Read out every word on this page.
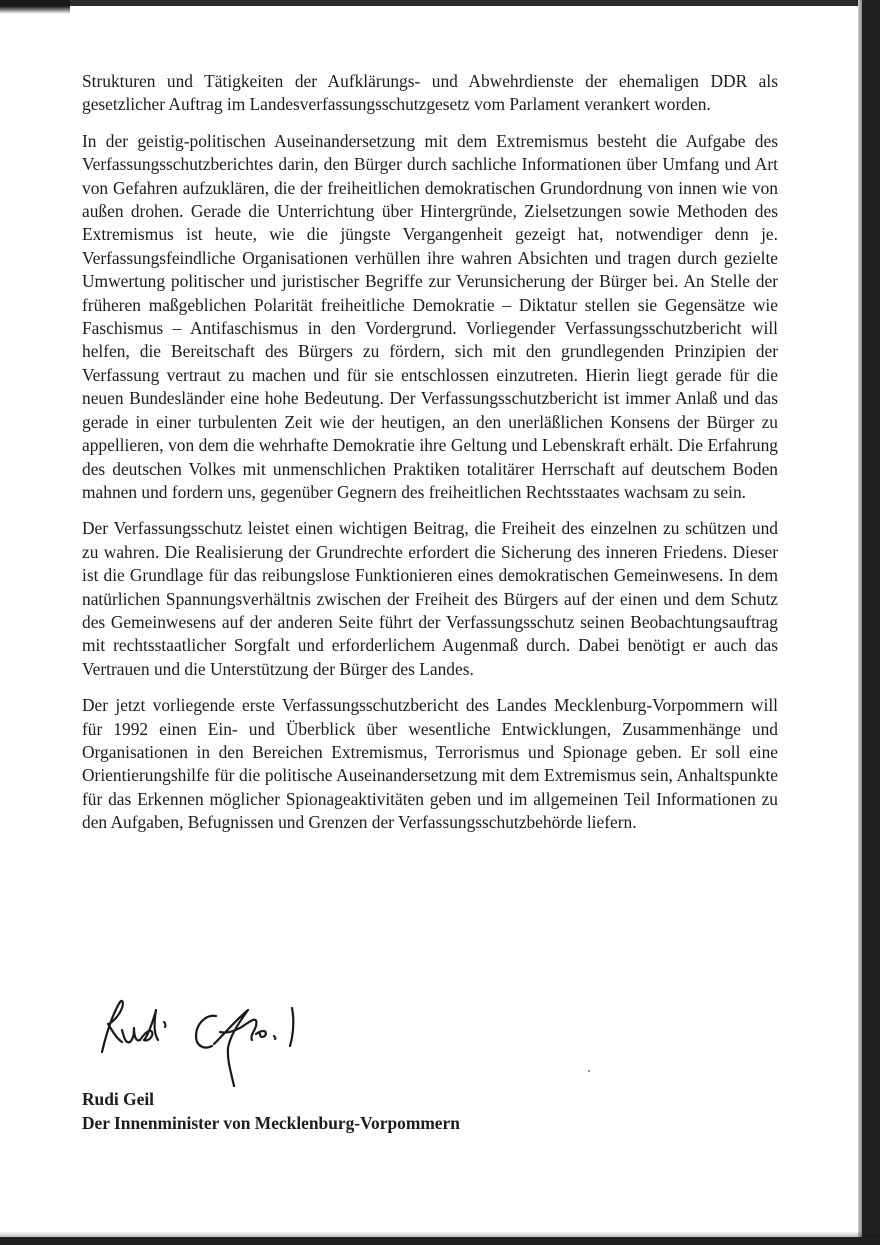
Strukturen und Tätigkeiten der Aufklärungs- und Abwehrdienste der ehemaligen DDR als gesetzlicher Auftrag im Landesverfassungsschutzgesetz vom Parlament verankert worden.

In der geistig-politischen Auseinandersetzung mit dem Extremismus besteht die Aufgabe des Verfassungsschutzberichtes darin, den Bürger durch sachliche Informationen über Umfang und Art von Gefahren aufzuklären, die der freiheitlichen demokratischen Grundordnung von innen wie von außen drohen. Gerade die Unterrichtung über Hintergründe, Zielsetzungen sowie Methoden des Extremismus ist heute, wie die jüngste Vergangenheit gezeigt hat, notwendiger denn je. Verfassungsfeindliche Organisationen verhüllen ihre wahren Absichten und tragen durch gezielte Umwertung politischer und juristischer Begriffe zur Verunsicherung der Bürger bei. An Stelle der früheren maßgeblichen Polarität freiheitliche Demokratie – Diktatur stellen sie Gegensätze wie Faschismus – Antifaschismus in den Vordergrund. Vorliegender Verfassungsschutzbericht will helfen, die Bereitschaft des Bürgers zu fördern, sich mit den grundlegenden Prinzipien der Verfassung vertraut zu machen und für sie entschlossen einzutreten. Hierin liegt gerade für die neuen Bundesländer eine hohe Bedeutung. Der Verfassungsschutzbericht ist immer Anlaß und das gerade in einer turbulenten Zeit wie der heutigen, an den unerläßlichen Konsens der Bürger zu appellieren, von dem die wehrhafte Demokratie ihre Geltung und Lebenskraft erhält. Die Erfahrung des deutschen Volkes mit unmenschlichen Praktiken totalitärer Herrschaft auf deutschem Boden mahnen und fordern uns, gegenüber Gegnern des freiheitlichen Rechtsstaates wachsam zu sein.

Der Verfassungsschutz leistet einen wichtigen Beitrag, die Freiheit des einzelnen zu schützen und zu wahren. Die Realisierung der Grundrechte erfordert die Sicherung des inneren Friedens. Dieser ist die Grundlage für das reibungslose Funktionieren eines demokratischen Gemeinwesens. In dem natürlichen Spannungsverhältnis zwischen der Freiheit des Bürgers auf der einen und dem Schutz des Gemeinwesens auf der anderen Seite führt der Verfassungsschutz seinen Beobachtungsauftrag mit rechtsstaatlicher Sorgfalt und erforderlichem Augenmaß durch. Dabei benötigt er auch das Vertrauen und die Unterstützung der Bürger des Landes.

Der jetzt vorliegende erste Verfassungsschutzbericht des Landes Mecklenburg-Vorpommern will für 1992 einen Ein- und Überblick über wesentliche Entwicklungen, Zusammenhänge und Organisationen in den Bereichen Extremismus, Terrorismus und Spionage geben. Er soll eine Orientierungshilfe für die politische Auseinandersetzung mit dem Extremismus sein, Anhaltspunkte für das Erkennen möglicher Spionageaktivitäten geben und im allgemeinen Teil Informationen zu den Aufgaben, Befugnissen und Grenzen der Verfassungsschutzbehörde liefern.

Rudi Geil
Der Innenminister von Mecklenburg-Vorpommern
